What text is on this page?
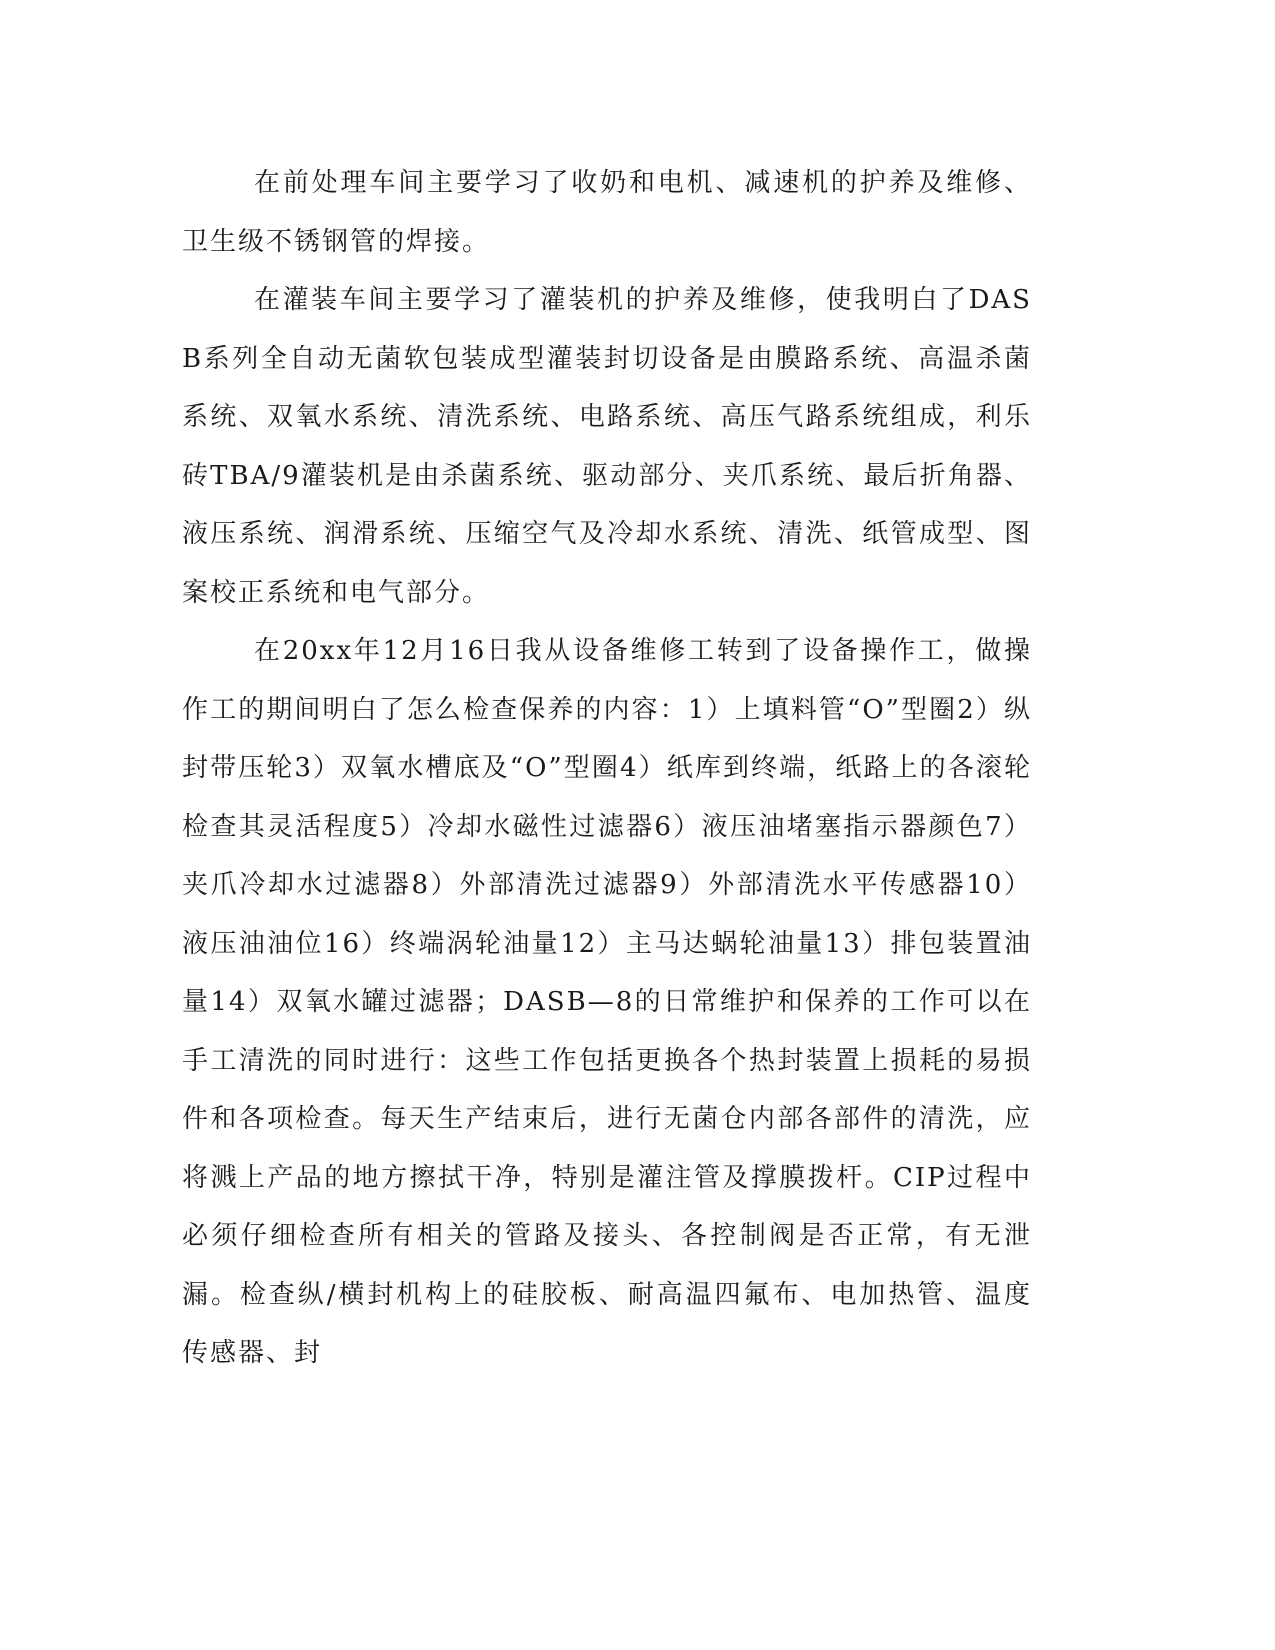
在前处理车间主要学习了收奶和电机、减速机的护养及维修、卫生级不锈钢管的焊接。

在灌装车间主要学习了灌装机的护养及维修，使我明白了DASB系列全自动无菌软包装成型灌装封切设备是由膜路系统、高温杀菌系统、双氧水系统、清洗系统、电路系统、高压气路系统组成，利乐砖TBA/9灌装机是由杀菌系统、驱动部分、夹爪系统、最后折角器、液压系统、润滑系统、压缩空气及冷却水系统、清洗、纸管成型、图案校正系统和电气部分。

在20xx年12月16日我从设备维修工转到了设备操作工，做操作工的期间明白了怎么检查保养的内容：1）上填料管“O”型圈2）纵封带压轮3）双氧水槽底及“O”型圈4）纸库到终端，纸路上的各滚轮检查其灵活程度5）冷却水磁性过滤器6）液压油堵塞指示器颜色7）夹爪冷却水过滤器8）外部清洗过滤器9）外部清洗水平传感器10）液压油油位16）终端涡轮油量12）主马达蜗轮油量13）排包装置油量14）双氧水罐过滤器；DASB—8的日常维护和保养的工作可以在手工清洗的同时进行：这些工作包括更换各个热封装置上损耗的易损件和各项检查。每天生产结束后，进行无菌仓内部各部件的清洗，应将溅上产品的地方擦拭干净，特别是灌注管及撑膜拨杆。CIP过程中必须仔细检查所有相关的管路及接头、各控制阀是否正常，有无泄漏。检查纵/横封机构上的硅胶板、耐高温四氟布、电加热管、温度传感器、封
